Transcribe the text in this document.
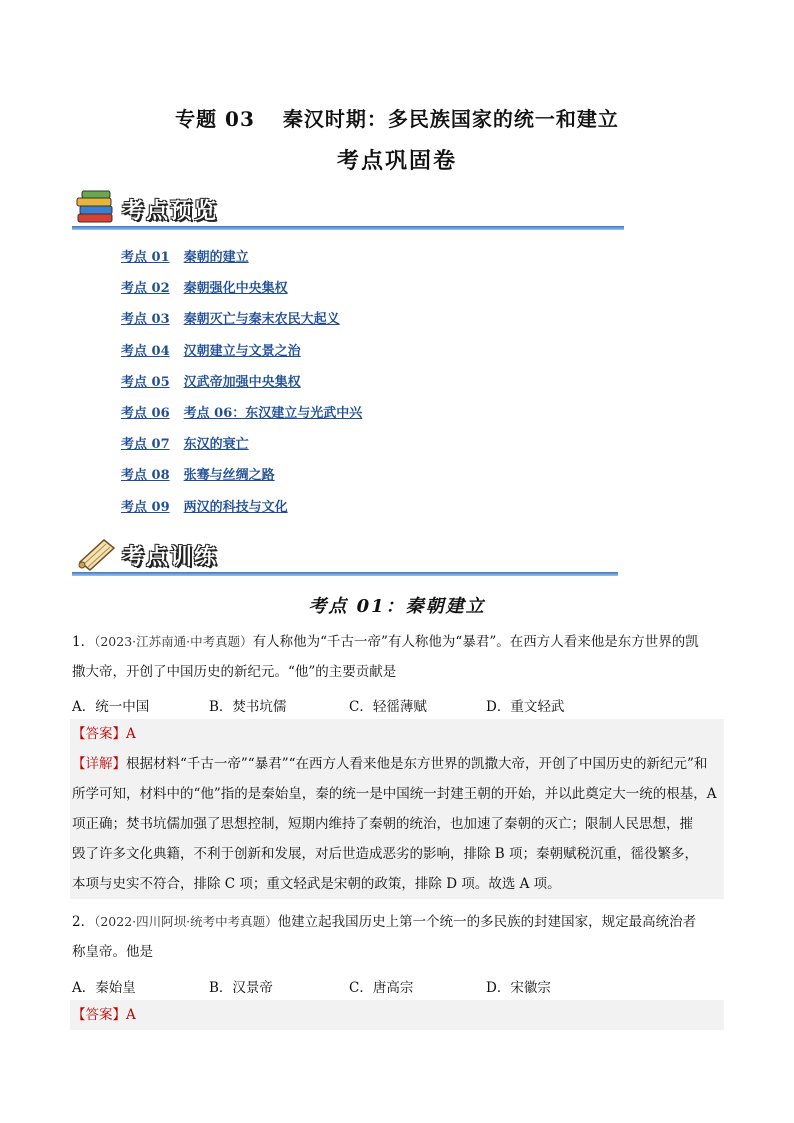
专题 03 秦汉时期：多民族国家的统一和建立
考点巩固卷
考点预览
考点 01 秦朝的建立
考点 02 秦朝强化中央集权
考点 03 秦朝灭亡与秦末农民大起义
考点 04 汉朝建立与文景之治
考点 05 汉武帝加强中央集权
考点 06 考点 06：东汉建立与光武中兴
考点 07 东汉的衰亡
考点 08 张骞与丝绸之路
考点 09 两汉的科技与文化
考点训练
考点 01：秦朝建立
1．（2023·江苏南通·中考真题）有人称他为“千古一帝”有人称他为“暴君”。在西方人看来他是东方世界的凯
撒大帝，开创了中国历史的新纪元。“他”的主要贡献是
A．统一中国	B．焚书坑儒	C．轻徭薄赋	D．重文轻武
【答案】A
【详解】根据材料“千古一帝”“暴君”“在西方人看来他是东方世界的凯撒大帝，开创了中国历史的新纪元”和
所学可知，材料中的“他”指的是秦始皇，秦的统一是中国统一封建王朝的开始，并以此奠定大一统的根基，A
项正确；焚书坑儒加强了思想控制，短期内维持了秦朝的统治，也加速了秦朝的灭亡；限制人民思想，摧
毁了许多文化典籍，不利于创新和发展，对后世造成恶劣的影响，排除 B 项；秦朝赋税沉重，徭役繁多，
本项与史实不符合，排除 C 项；重文轻武是宋朝的政策，排除 D 项。故选 A 项。
2．（2022·四川阿坝·统考中考真题）他建立起我国历史上第一个统一的多民族的封建国家，规定最高统治者
称皇帝。他是
A．秦始皇	B．汉景帝	C．唐高宗	D．宋徽宗
【答案】A
